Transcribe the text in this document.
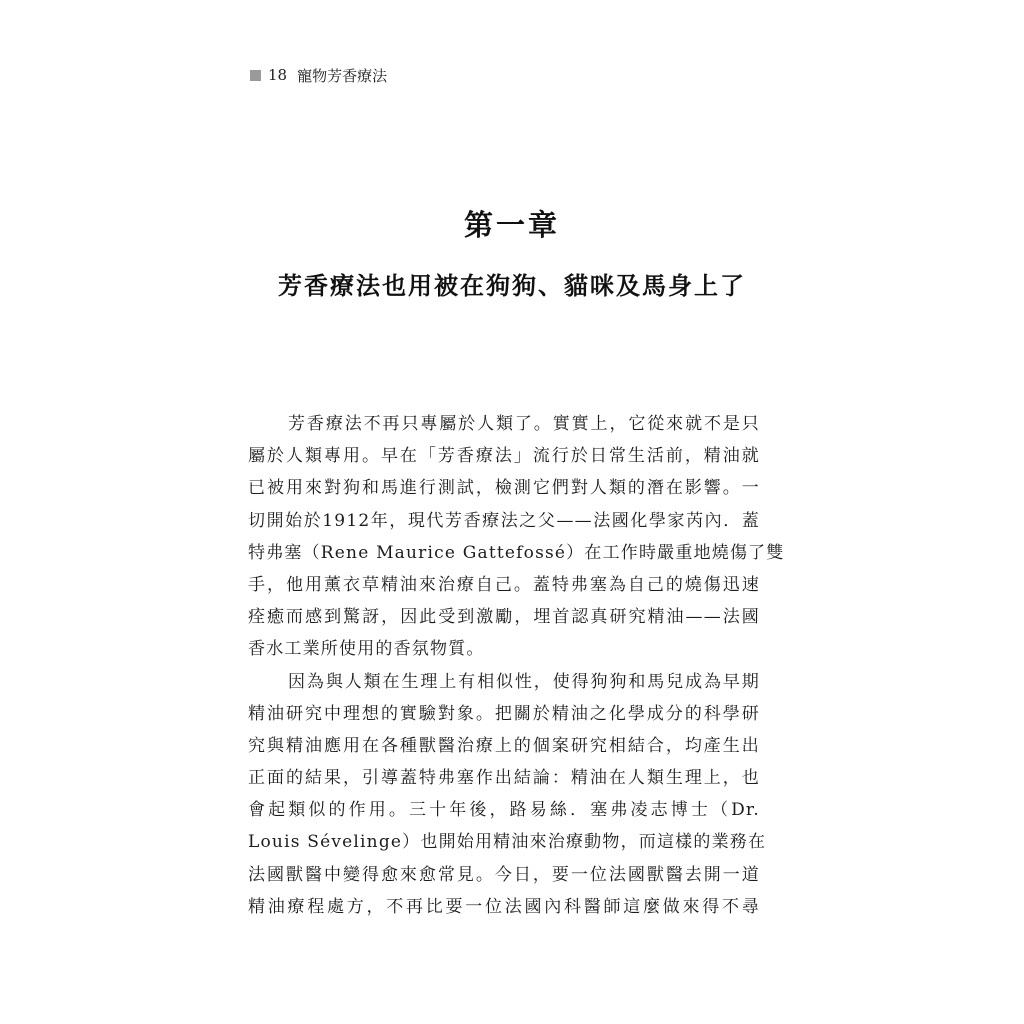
18 寵物芳香療法
第一章
芳香療法也用被在狗狗、貓咪及馬身上了
芳香療法不再只專屬於人類了。實實上，它從來就不是只
屬於人類專用。早在「芳香療法」流行於日常生活前，精油就
已被用來對狗和馬進行測試，檢測它們對人類的潛在影響。一
切開始於1912年，現代芳香療法之父——法國化學家芮內．蓋
特弗塞（Rene Maurice Gattefossé）在工作時嚴重地燒傷了雙
手，他用薰衣草精油來治療自己。蓋特弗塞為自己的燒傷迅速
痊癒而感到驚訝，因此受到激勵，埋首認真研究精油——法國
香水工業所使用的香氛物質。
因為與人類在生理上有相似性，使得狗狗和馬兒成為早期
精油研究中理想的實驗對象。把關於精油之化學成分的科學研
究與精油應用在各種獸醫治療上的個案研究相結合，均產生出
正面的結果，引導蓋特弗塞作出結論：精油在人類生理上，也
會起類似的作用。三十年後，路易絲．塞弗凌志博士（Dr.
Louis Sévelinge）也開始用精油來治療動物，而這樣的業務在
法國獸醫中變得愈來愈常見。今日，要一位法國獸醫去開一道
精油療程處方，不再比要一位法國內科醫師這麼做來得不尋
